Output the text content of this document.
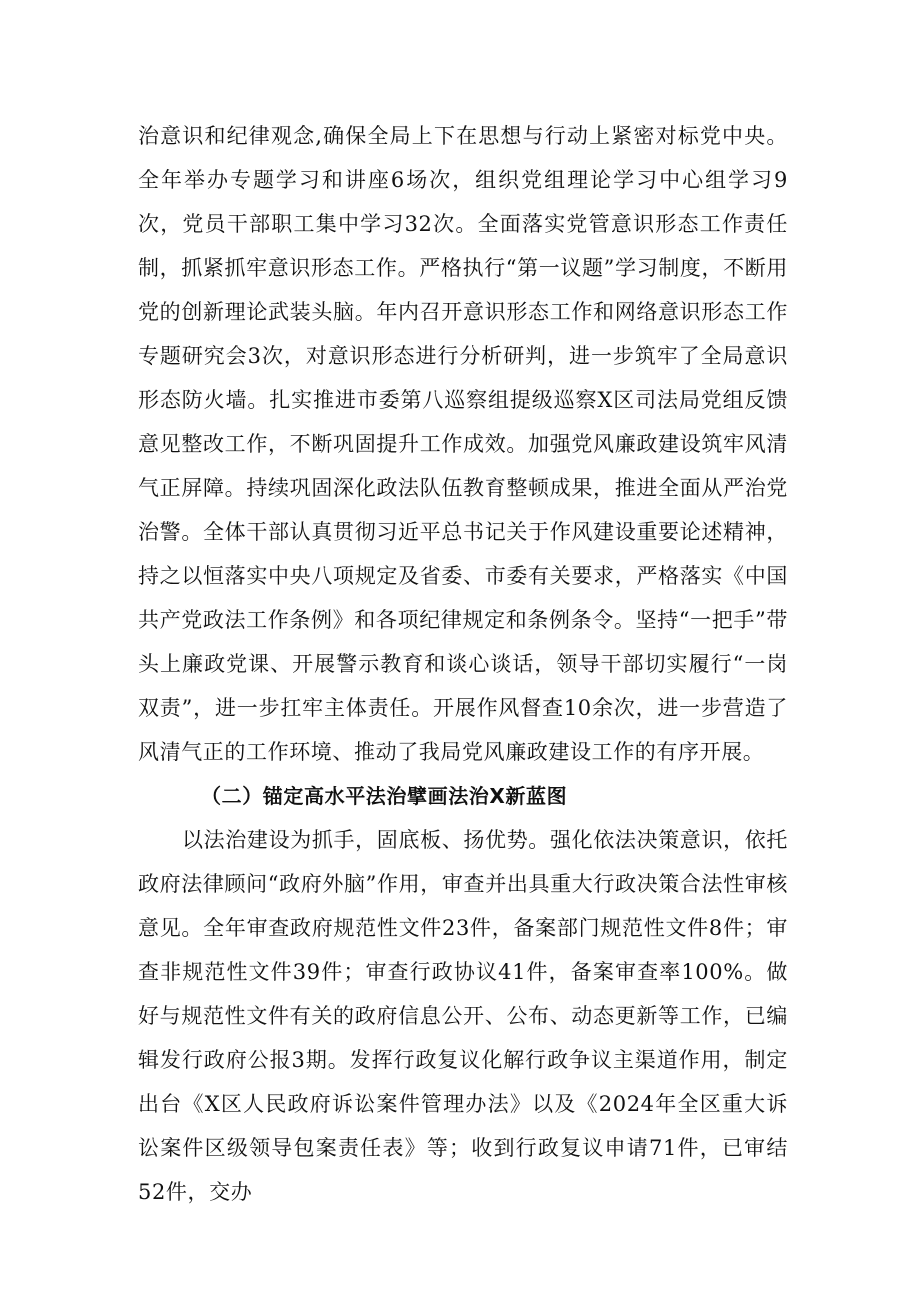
治意识和纪律观念,确保全局上下在思想与行动上紧密对标党中央。全年举办专题学习和讲座6场次，组织党组理论学习中心组学习9次，党员干部职工集中学习32次。全面落实党管意识形态工作责任制，抓紧抓牢意识形态工作。严格执行“第一议题”学习制度，不断用党的创新理论武装头脑。年内召开意识形态工作和网络意识形态工作专题研究会3次，对意识形态进行分析研判，进一步筑牢了全局意识形态防火墙。扎实推进市委第八巡察组提级巡察X区司法局党组反馈意见整改工作，不断巩固提升工作成效。加强党风廉政建设筑牢风清气正屏障。持续巩固深化政法队伍教育整顿成果，推进全面从严治党治警。全体干部认真贯彻习近平总书记关于作风建设重要论述精神，持之以恒落实中央八项规定及省委、市委有关要求，严格落实《中国共产党政法工作条例》和各项纪律规定和条例条令。坚持“一把手”带头上廉政党课、开展警示教育和谈心谈话，领导干部切实履行“一岗双责”，进一步扛牢主体责任。开展作风督查10余次，进一步营造了风清气正的工作环境、推动了我局党风廉政建设工作的有序开展。

（二）锚定高水平法治擘画法治X新蓝图

以法治建设为抓手，固底板、扬优势。强化依法决策意识，依托政府法律顾问“政府外脑”作用，审查并出具重大行政决策合法性审核意见。全年审查政府规范性文件23件，备案部门规范性文件8件；审查非规范性文件39件；审查行政协议41件，备案审查率100%。做好与规范性文件有关的政府信息公开、公布、动态更新等工作，已编辑发行政府公报3期。发挥行政复议化解行政争议主渠道作用，制定出台《X区人民政府诉讼案件管理办法》以及《2024年全区重大诉讼案件区级领导包案责任表》等；收到行政复议申请71件，已审结52件，交办
